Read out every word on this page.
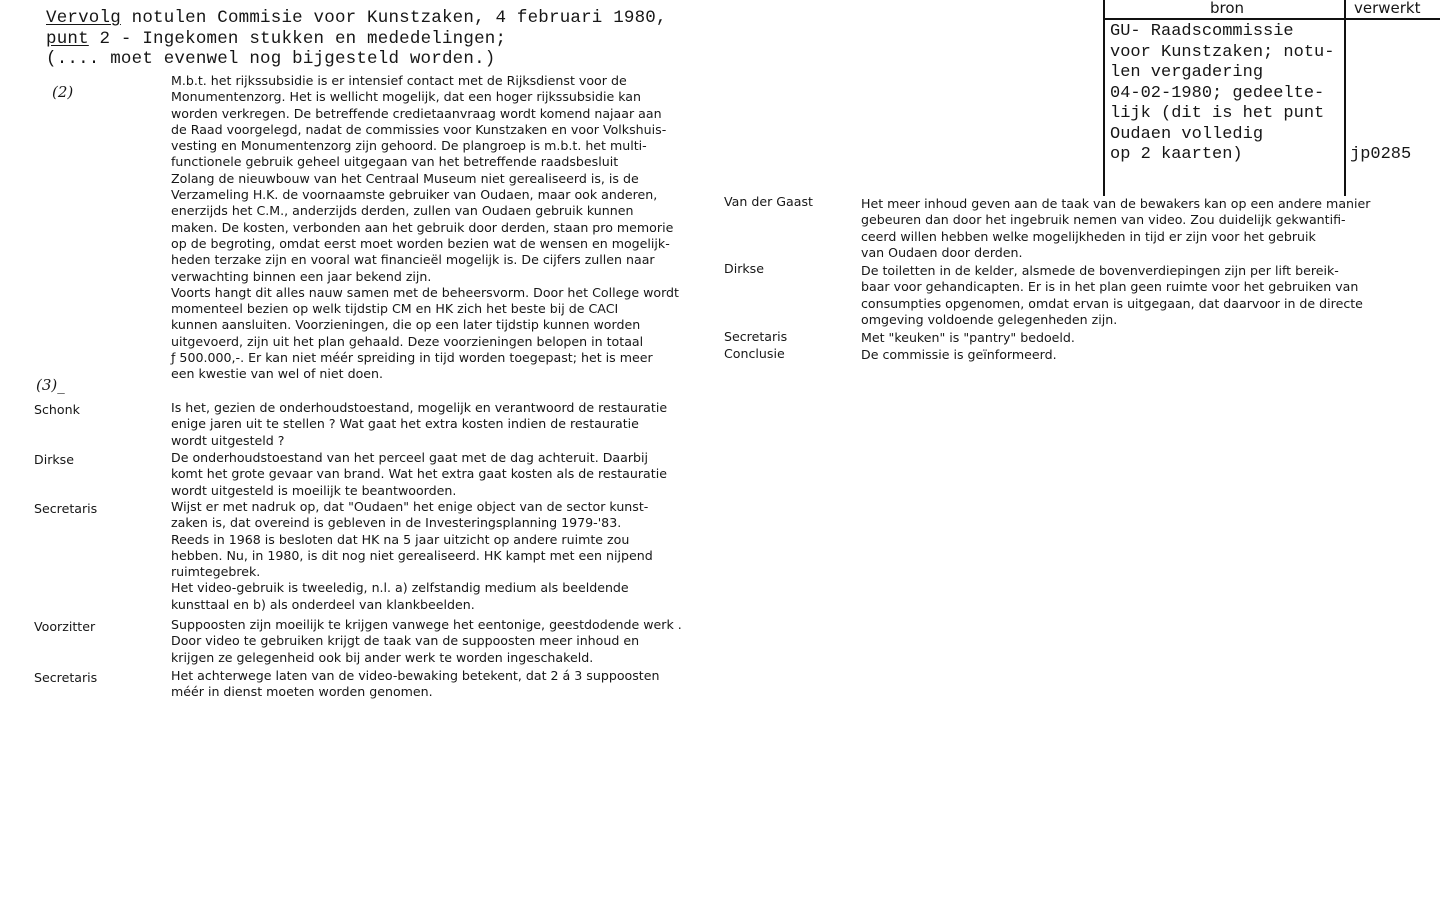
Vervolg notulen Commisie voor Kunstzaken, 4 februari 1980,
punt 2 - Ingekomen stukken en mededelingen;
(.... moet evenwel nog bijgesteld worden.)
(2)
(3)_
M.b.t. het rijkssubsidie is er intensief contact met de Rijksdienst voor de
Monumentenzorg. Het is wellicht mogelijk, dat een hoger rijkssubsidie kan
worden verkregen. De betreffende credietaanvraag wordt komend najaar aan
de Raad voorgelegd, nadat de commissies voor Kunstzaken en voor Volkshuis-
vesting en Monumentenzorg zijn gehoord. De plangroep is m.b.t. het multi-
functionele gebruik geheel uitgegaan van het betreffende raadsbesluit
Zolang de nieuwbouw van het Centraal Museum niet gerealiseerd is, is de
Verzameling H.K. de voornaamste gebruiker van Oudaen, maar ook anderen,
enerzijds het C.M., anderzijds derden, zullen van Oudaen gebruik kunnen
maken. De kosten, verbonden aan het gebruik door derden, staan pro memorie
op de begroting, omdat eerst moet worden bezien wat de wensen en mogelijk-
heden terzake zijn en vooral wat financieël mogelijk is. De cijfers zullen naar
verwachting binnen een jaar bekend zijn.
Voorts hangt dit alles nauw samen met de beheersvorm. Door het College wordt
momenteel bezien op welk tijdstip CM en HK zich het beste bij de CACI
kunnen aansluiten. Voorzieningen, die op een later tijdstip kunnen worden
uitgevoerd, zijn uit het plan gehaald. Deze voorzieningen belopen in totaal
ƒ 500.000,-. Er kan niet méér spreiding in tijd worden toegepast; het is meer
een kwestie van wel of niet doen.
Schonk	Is het, gezien de onderhoudstoestand, mogelijk en verantwoord de restauratie
enige jaren uit te stellen ? Wat gaat het extra kosten indien de restauratie
wordt uitgesteld ?
Dirkse	De onderhoudstoestand van het perceel gaat met de dag achteruit. Daarbij
komt het grote gevaar van brand. Wat het extra gaat kosten als de restauratie
wordt uitgesteld is moeilijk te beantwoorden.
Secretaris	Wijst er met nadruk op, dat "Oudaen" het enige object van de sector kunst-
zaken is, dat overeind is gebleven in de Investeringsplanning 1979-'83.
Reeds in 1968 is besloten dat HK na 5 jaar uitzicht op andere ruimte zou
hebben. Nu, in 1980, is dit nog niet gerealiseerd. HK kampt met een nijpend
ruimtegebrek.
Het video-gebruik is tweeledig, n.l. a) zelfstandig medium als beeldende
kunsttaal en b) als onderdeel van klankbeelden.
Voorzitter	Suppoosten zijn moeilijk te krijgen vanwege het eentonige, geestdodende werk .
Door video te gebruiken krijgt de taak van de suppoosten meer inhoud en
krijgen ze gelegenheid ook bij ander werk te worden ingeschakeld.
Secretaris	Het achterwege laten van de video-bewaking betekent, dat 2 á 3 suppoosten
méér in dienst moeten worden genomen.
Van der Gaast	Het meer inhoud geven aan de taak van de bewakers kan op een andere manier
gebeuren dan door het ingebruik nemen van video. Zou duidelijk gekwantifi-
ceerd willen hebben welke mogelijkheden in tijd er zijn voor het gebruik
van Oudaen door derden.
Dirkse	De toiletten in de kelder, alsmede de bovenverdiepingen zijn per lift bereik-
baar voor gehandicapten. Er is in het plan geen ruimte voor het gebruiken van
consumpties opgenomen, omdat ervan is uitgegaan, dat daarvoor in de directe
omgeving voldoende gelegenheden zijn.
Secretaris	Met "keuken" is "pantry" bedoeld.
Conclusie	De commissie is geïnformeerd.
bron	verwerkt
GU- Raadscommissie
voor Kunstzaken; notu-
len vergadering
04-02-1980; gedeelte-
lijk (dit is het punt
Oudaen volledig
op 2 kaarten)	jp0285
